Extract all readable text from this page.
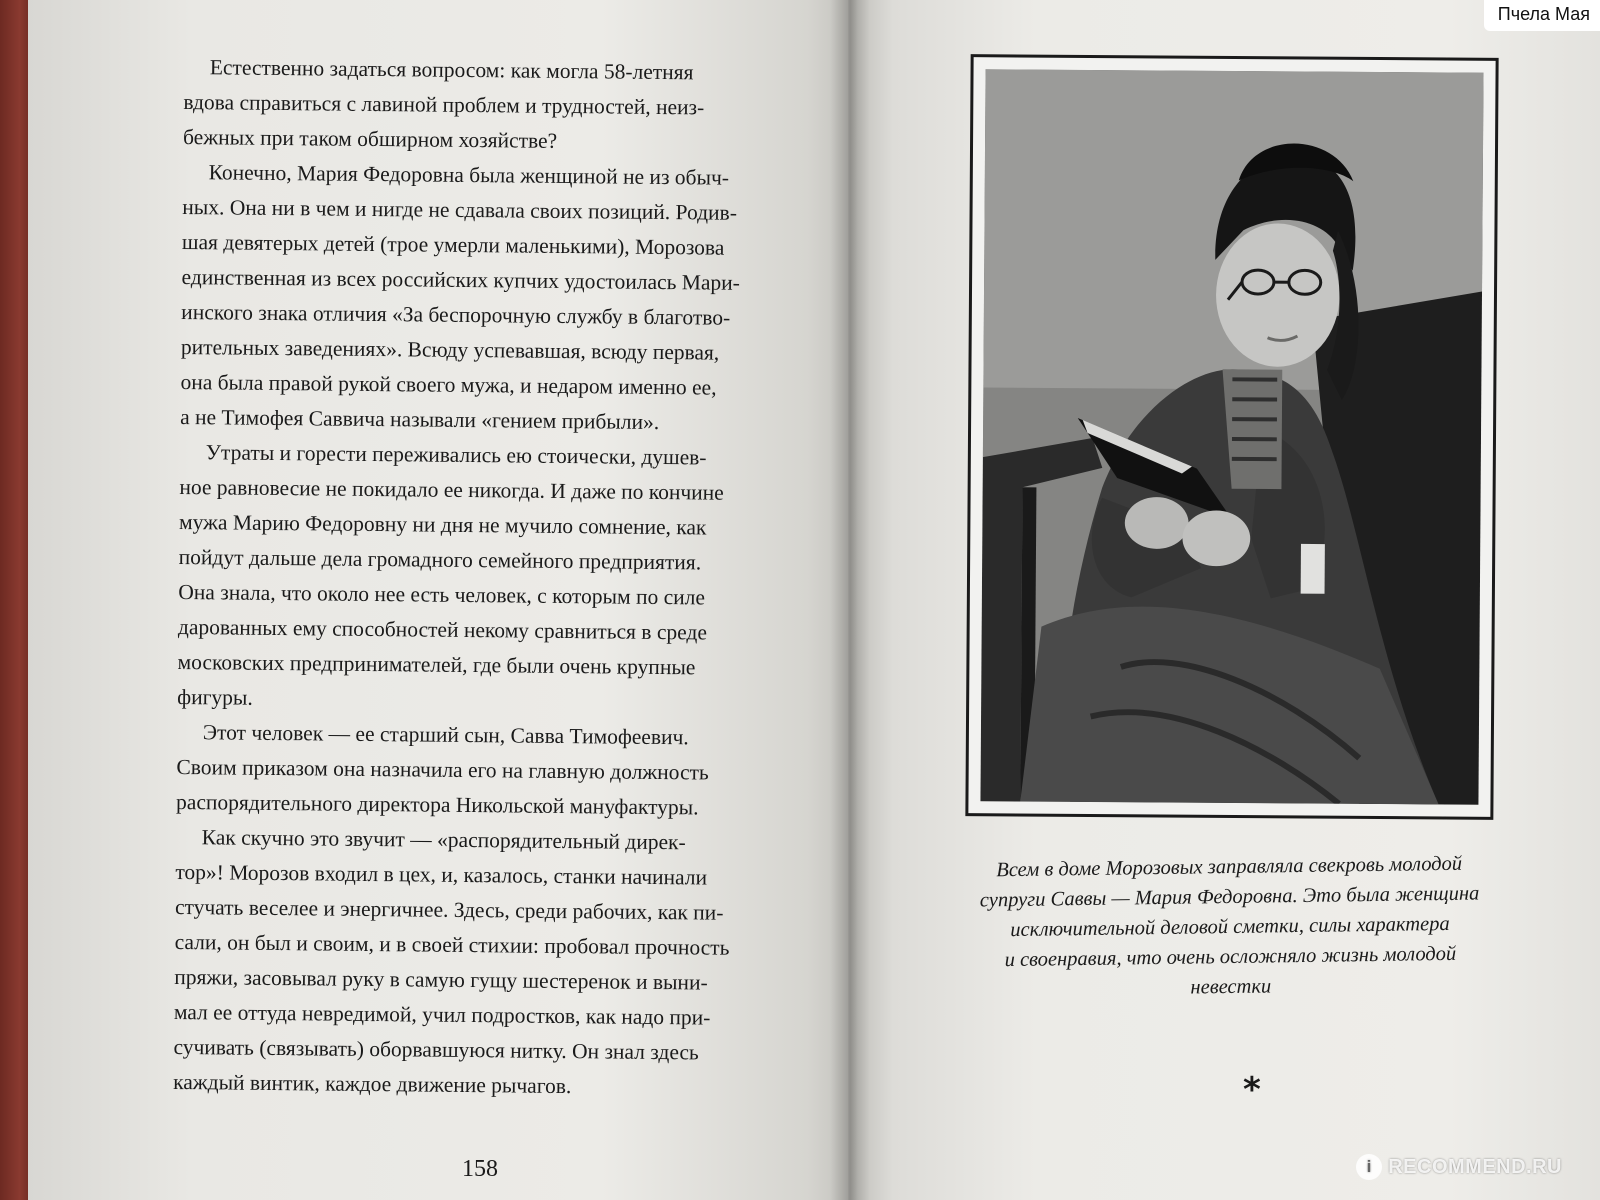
Естественно задаться вопросом: как могла 58-летняя
вдова справиться с лавиной проблем и трудностей, неиз-
бежных при таком обширном хозяйстве?

Конечно, Мария Федоровна была женщиной не из обыч-
ных. Она ни в чем и нигде не сдавала своих позиций. Родив-
шая девятерых детей (трое умерли маленькими), Морозова
единственная из всех российских купчих удостоилась Мари-
инского знака отличия «За беспорочную службу в благотво-
рительных заведениях». Всюду успевавшая, всюду первая,
она была правой рукой своего мужа, и недаром именно ее,
а не Тимофея Саввича называли «гением прибыли».

Утраты и горести переживались ею стоически, душев-
ное равновесие не покидало ее никогда. И даже по кончине
мужа Марию Федоровну ни дня не мучило сомнение, как
пойдут дальше дела громадного семейного предприятия.
Она знала, что около нее есть человек, с которым по силе
дарованных ему способностей некому сравниться в среде
московских предпринимателей, где были очень крупные
фигуры.

Этот человек — ее старший сын, Савва Тимофеевич.
Своим приказом она назначила его на главную должность
распорядительного директора Никольской мануфактуры.

Как скучно это звучит — «распорядительный дирек-
тор»! Морозов входил в цех, и, казалось, станки начинали
стучать веселее и энергичнее. Здесь, среди рабочих, как пи-
сали, он был и своим, и в своей стихии: пробовал прочность
пряжи, засовывал руку в самую гущу шестеренок и выни-
мал ее оттуда невредимой, учил подростков, как надо при-
сучивать (связывать) оборвавшуюся нитку. Он знал здесь
каждый винтик, каждое движение рычагов.

158
Всем в доме Морозовых заправляла свекровь молодой
супруги Саввы — Мария Федоровна. Это была женщина
исключительной деловой сметки, силы характера
и своенравия, что очень осложняло жизнь молодой
невестки
*
Пчела Мая
i RECOMMEND.RU
